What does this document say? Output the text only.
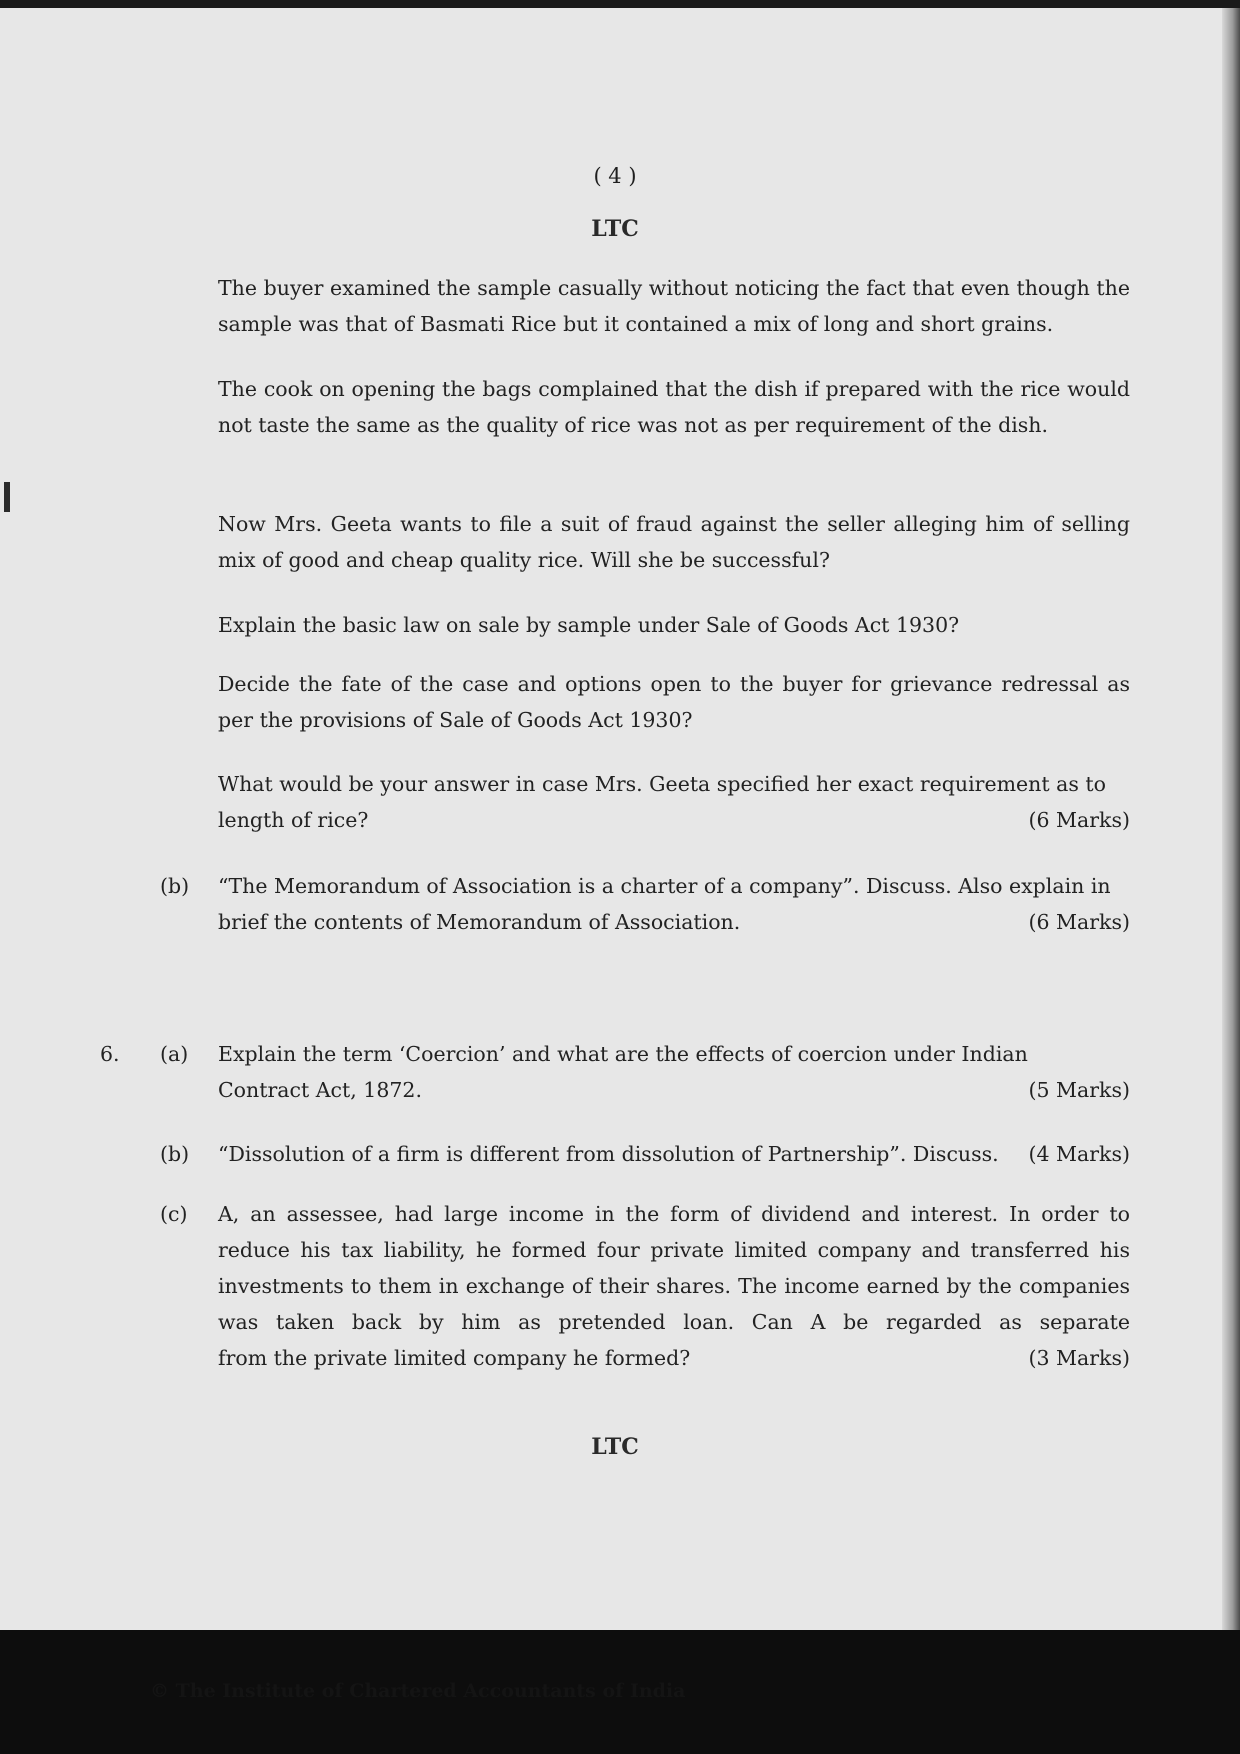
( 4 )
LTC
The buyer examined the sample casually without noticing the fact that even though the sample was that of Basmati Rice but it contained a mix of long and short grains.
The cook on opening the bags complained that the dish if prepared with the rice would not taste the same as the quality of rice was not as per requirement of the dish.
Now Mrs. Geeta wants to file a suit of fraud against the seller alleging him of selling mix of good and cheap quality rice. Will she be successful?
Explain the basic law on sale by sample under Sale of Goods Act 1930?
Decide the fate of the case and options open to the buyer for grievance redressal as per the provisions of Sale of Goods Act 1930?
What would be your answer in case Mrs. Geeta specified her exact requirement as to
length of rice?	(6 Marks)
(b) “The Memorandum of Association is a charter of a company”. Discuss. Also explain in
brief the contents of Memorandum of Association.	(6 Marks)
6. (a) Explain the term ‘Coercion’ and what are the effects of coercion under Indian
Contract Act, 1872.	(5 Marks)
(b) “Dissolution of a firm is different from dissolution of Partnership”. Discuss. (4 Marks)
(c) A, an assessee, had large income in the form of dividend and interest. In order to reduce his tax liability, he formed four private limited company and transferred his investments to them in exchange of their shares. The income earned by the companies was taken back by him as pretended loan. Can A be regarded as separate
from the private limited company he formed?	(3 Marks)
LTC
© The Institute of Chartered Accountants of India
